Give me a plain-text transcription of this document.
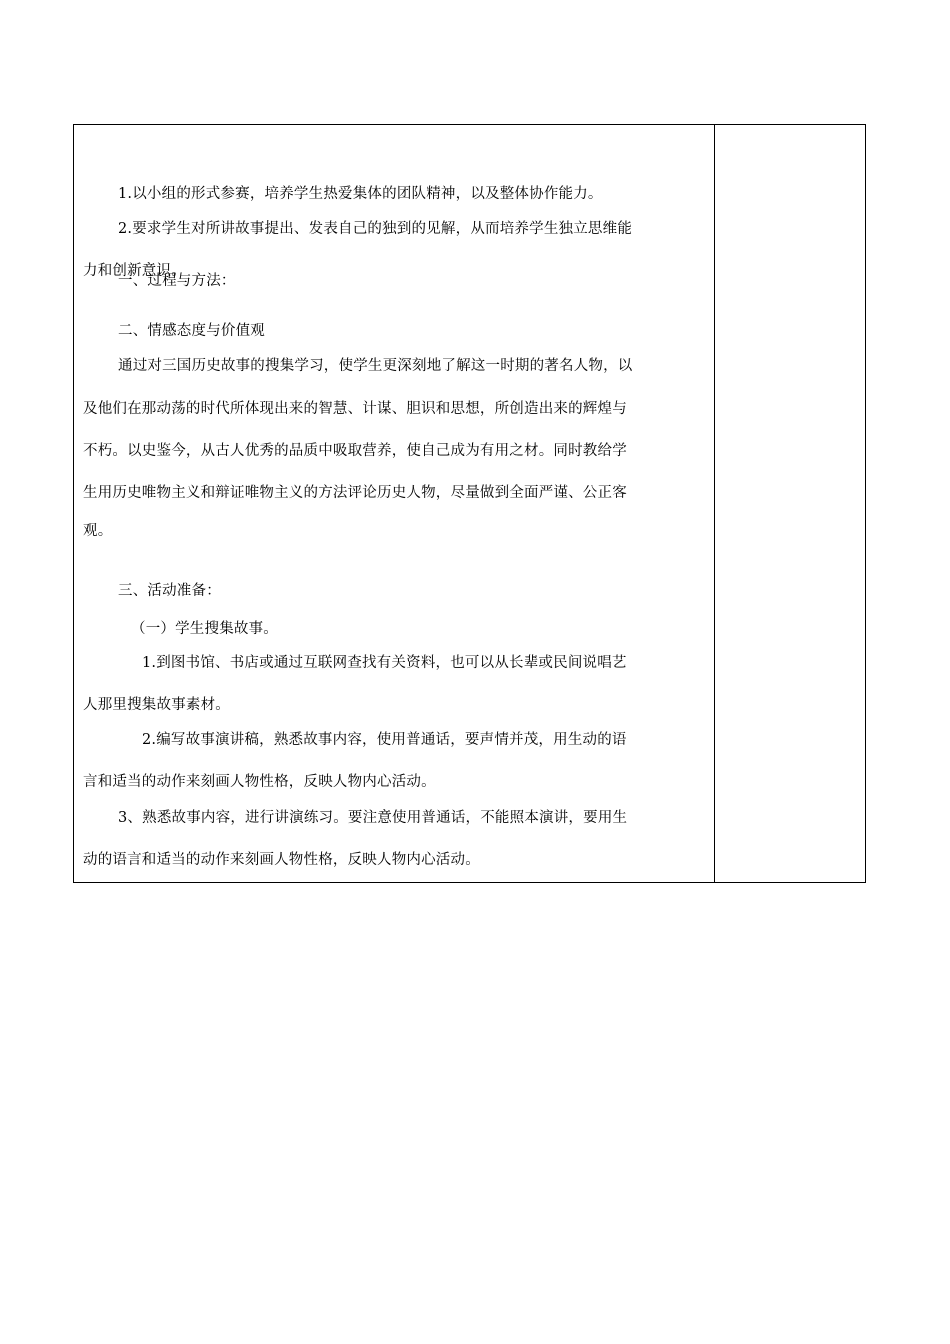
一、过程与方法：
1.以小组的形式参赛，培养学生热爱集体的团队精神，以及整体协作能力。
2.要求学生对所讲故事提出、发表自己的独到的见解，从而培养学生独立思维能
力和创新意识。
二、情感态度与价值观
通过对三国历史故事的搜集学习，使学生更深刻地了解这一时期的著名人物，以
及他们在那动荡的时代所体现出来的智慧、计谋、胆识和思想，所创造出来的辉煌与
不朽。以史鉴今，从古人优秀的品质中吸取营养，使自己成为有用之材。同时教给学
生用历史唯物主义和辩证唯物主义的方法评论历史人物，尽量做到全面严谨、公正客
观。
三、活动准备：
（一）学生搜集故事。
1.到图书馆、书店或通过互联网查找有关资料，也可以从长辈或民间说唱艺
人那里搜集故事素材。
2.编写故事演讲稿，熟悉故事内容，使用普通话，要声情并茂，用生动的语
言和适当的动作来刻画人物性格，反映人物内心活动。
3、熟悉故事内容，进行讲演练习。要注意使用普通话，不能照本演讲，要用生
动的语言和适当的动作来刻画人物性格，反映人物内心活动。
